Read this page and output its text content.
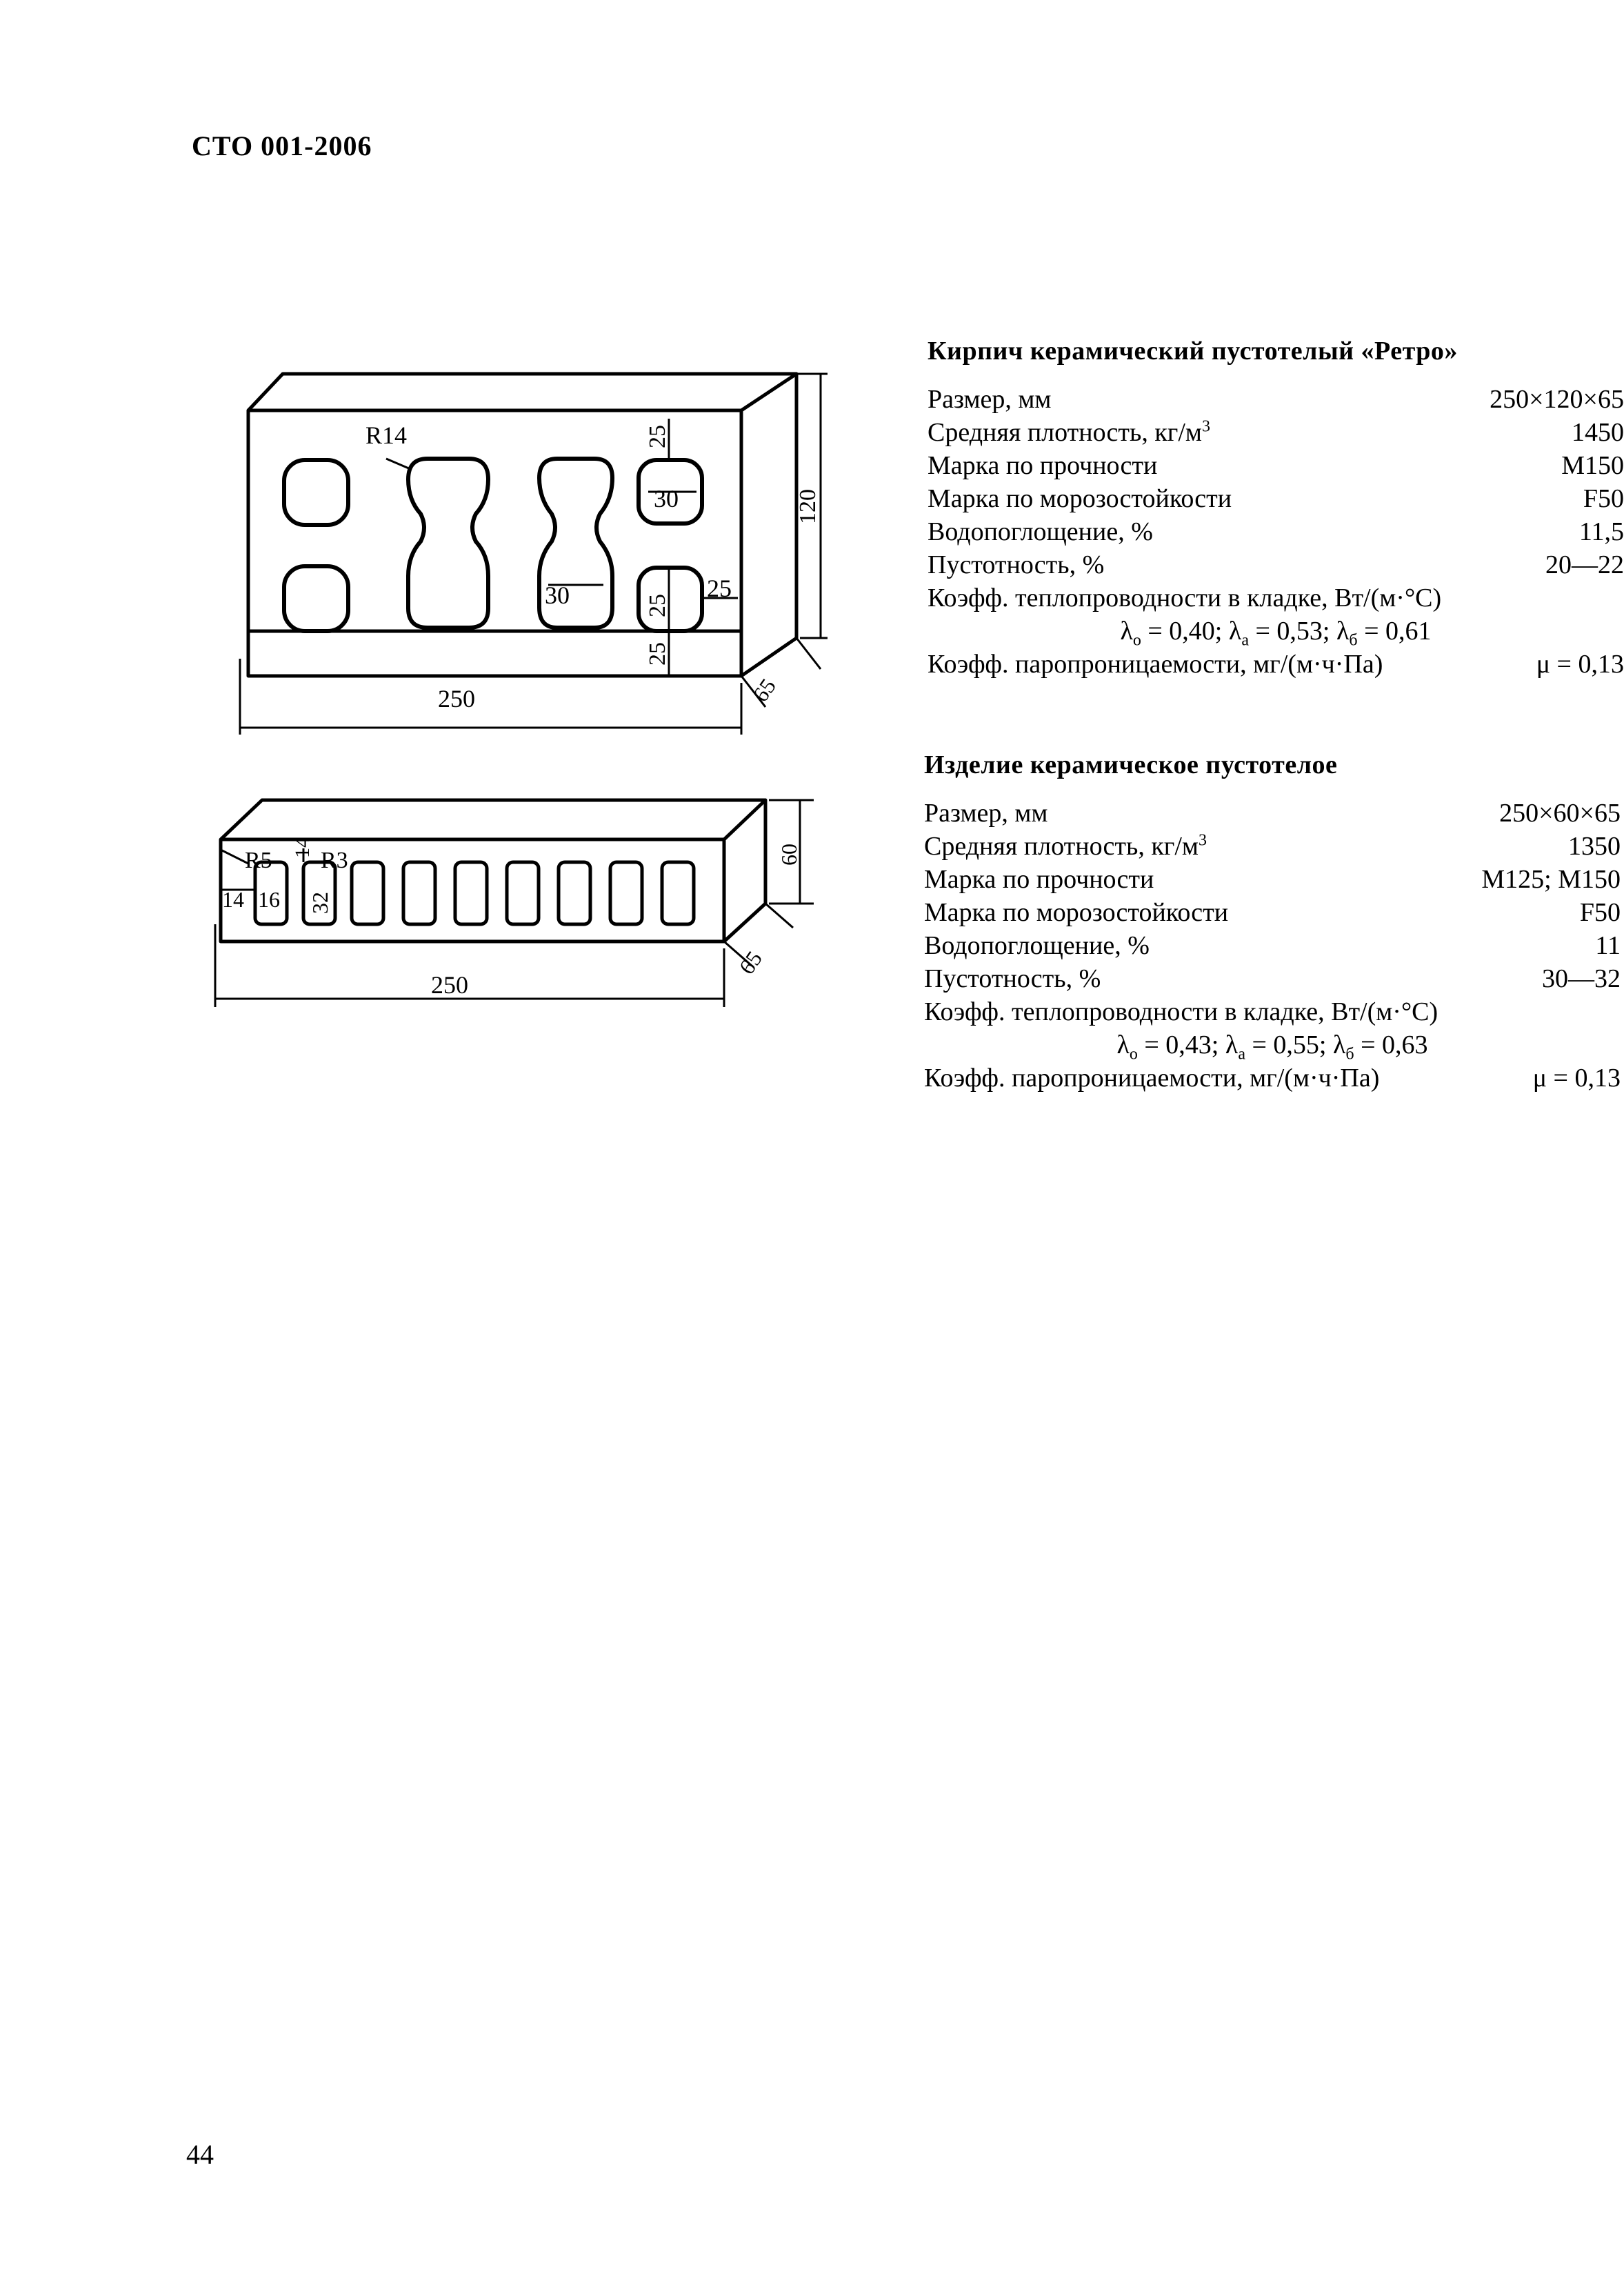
СТО 001-2006
R14
30
30	25
250
25
25
25
120
65
R5 R3
14 16
14
32
250
60
65
Кирпич керамический пустотелый «Ретро»
Размер, мм	250×120×65
Средняя плотность, $кг/м^3$	1450
Марка по прочности	М150
Марка по морозостойкости	F50
Водопоглощение, %	11,5
Пустотность, %	20—22
Коэфф. теплопроводности в кладке, Вт/(м·°С)
$\lambda_о = 0,40$; $\lambda_а = 0,53$; $\lambda_б = 0,61$
Коэфф. паропроницаемости, мг/(м·ч·Па)	μ = 0,13
Изделие керамическое пустотелое
Размер, мм	250×60×65
Средняя плотность, $кг/м^3$	1350
Марка по прочности	М125; М150
Марка по морозостойкости	F50
Водопоглощение, %	11
Пустотность, %	30—32
Коэфф. теплопроводности в кладке, Вт/(м·°С)
$\lambda_о = 0,43$; $\lambda_а = 0,55$; $\lambda_б = 0,63$
Коэфф. паропроницаемости, мг/(м·ч·Па)	μ = 0,13
44
